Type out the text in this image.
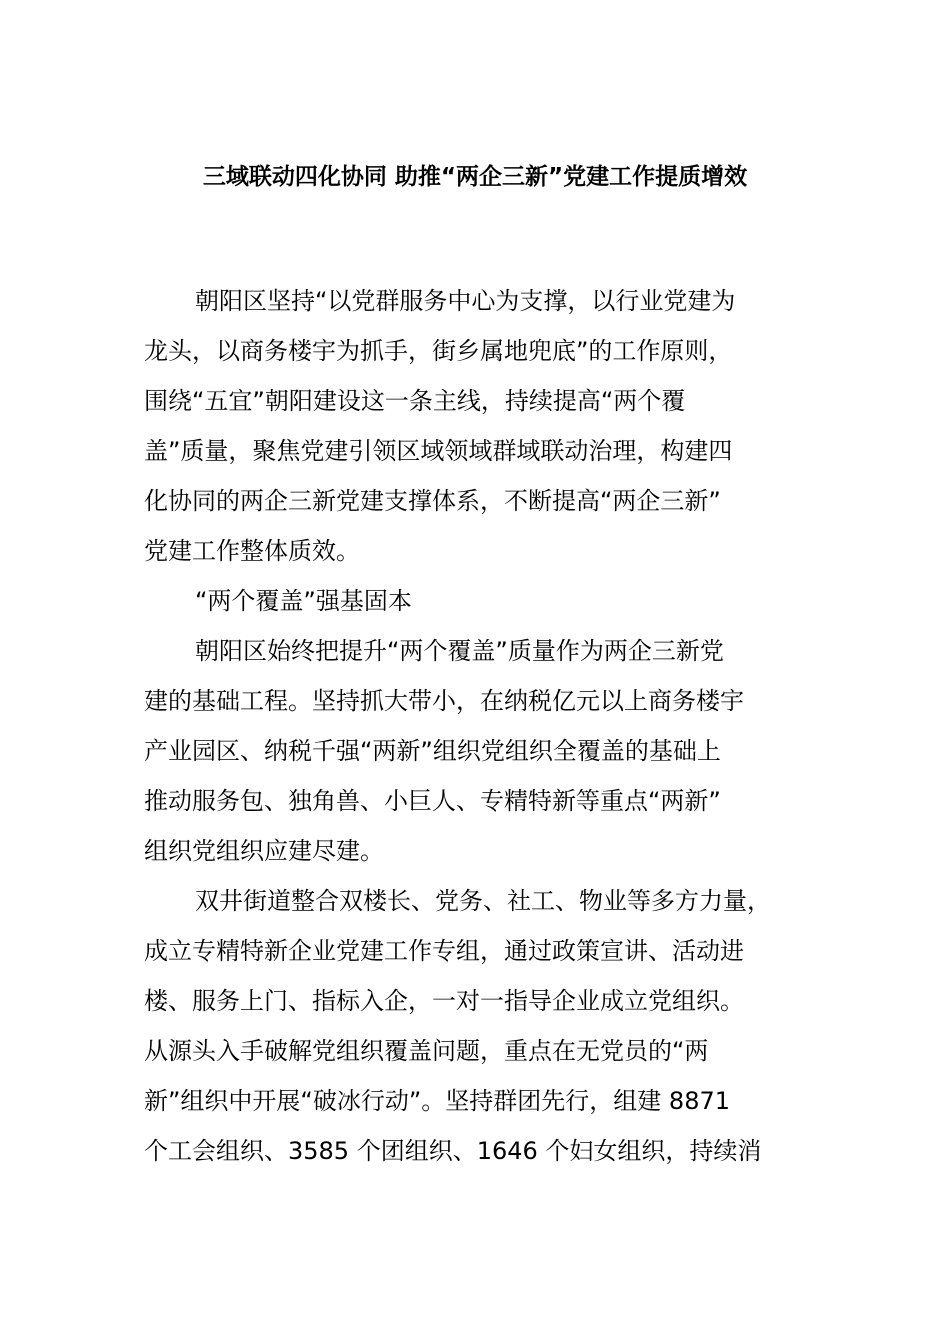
三域联动四化协同 助推“两企三新”党建工作提质增效
朝阳区坚持“以党群服务中心为支撑，以行业党建为
龙头，以商务楼宇为抓手，街乡属地兜底”的工作原则，
围绕“五宜”朝阳建设这一条主线，持续提高“两个覆
盖”质量，聚焦党建引领区域领域群域联动治理，构建四
化协同的两企三新党建支撑体系，不断提高“两企三新”
党建工作整体质效。
“两个覆盖”强基固本
朝阳区始终把提升“两个覆盖”质量作为两企三新党
建的基础工程。坚持抓大带小，在纳税亿元以上商务楼宇
产业园区、纳税千强“两新”组织党组织全覆盖的基础上
推动服务包、独角兽、小巨人、专精特新等重点“两新”
组织党组织应建尽建。
双井街道整合双楼长、党务、社工、物业等多方力量，
成立专精特新企业党建工作专组，通过政策宣讲、活动进
楼、服务上门、指标入企，一对一指导企业成立党组织。
从源头入手破解党组织覆盖问题，重点在无党员的“两
新”组织中开展“破冰行动”。坚持群团先行，组建 8871
个工会组织、3585 个团组织、1646 个妇女组织，持续消
